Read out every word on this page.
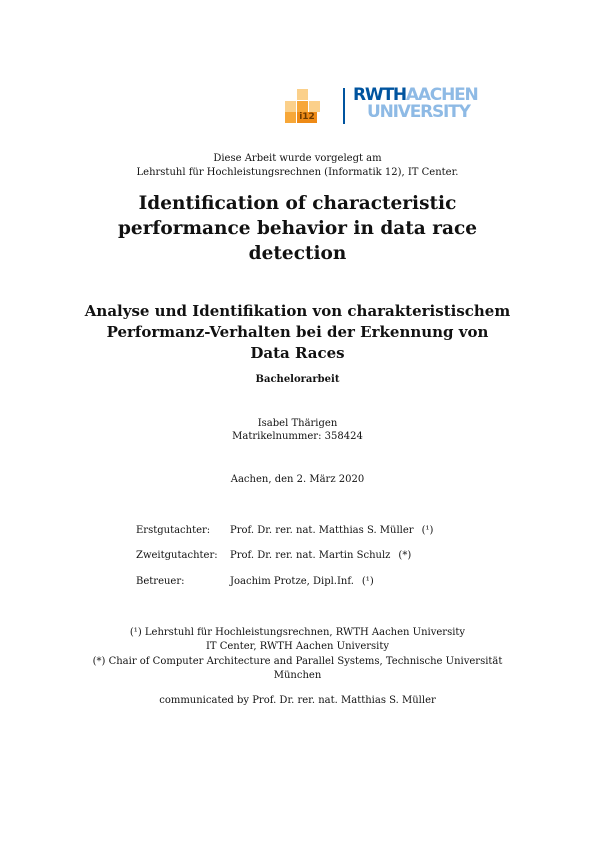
i12
RWTHAACHEN
UNIVERSITY
Diese Arbeit wurde vorgelegt am
Lehrstuhl für Hochleistungsrechnen (Informatik 12), IT Center.
Identification of characteristic
performance behavior in data race
detection
Analyse und Identifikation von charakteristischem
Performanz-Verhalten bei der Erkennung von
Data Races
Bachelorarbeit
Isabel Thärigen
Matrikelnummer: 358424
Aachen, den 2. März 2020
Erstgutachter: Prof. Dr. rer. nat. Matthias S. Müller (¹)
Zweitgutachter: Prof. Dr. rer. nat. Martin Schulz (*)
Betreuer:	Joachim Protze, Dipl.Inf. (¹)
(¹) Lehrstuhl für Hochleistungsrechnen, RWTH Aachen University
IT Center, RWTH Aachen University
(*) Chair of Computer Architecture and Parallel Systems, Technische Universität
München
communicated by Prof. Dr. rer. nat. Matthias S. Müller
